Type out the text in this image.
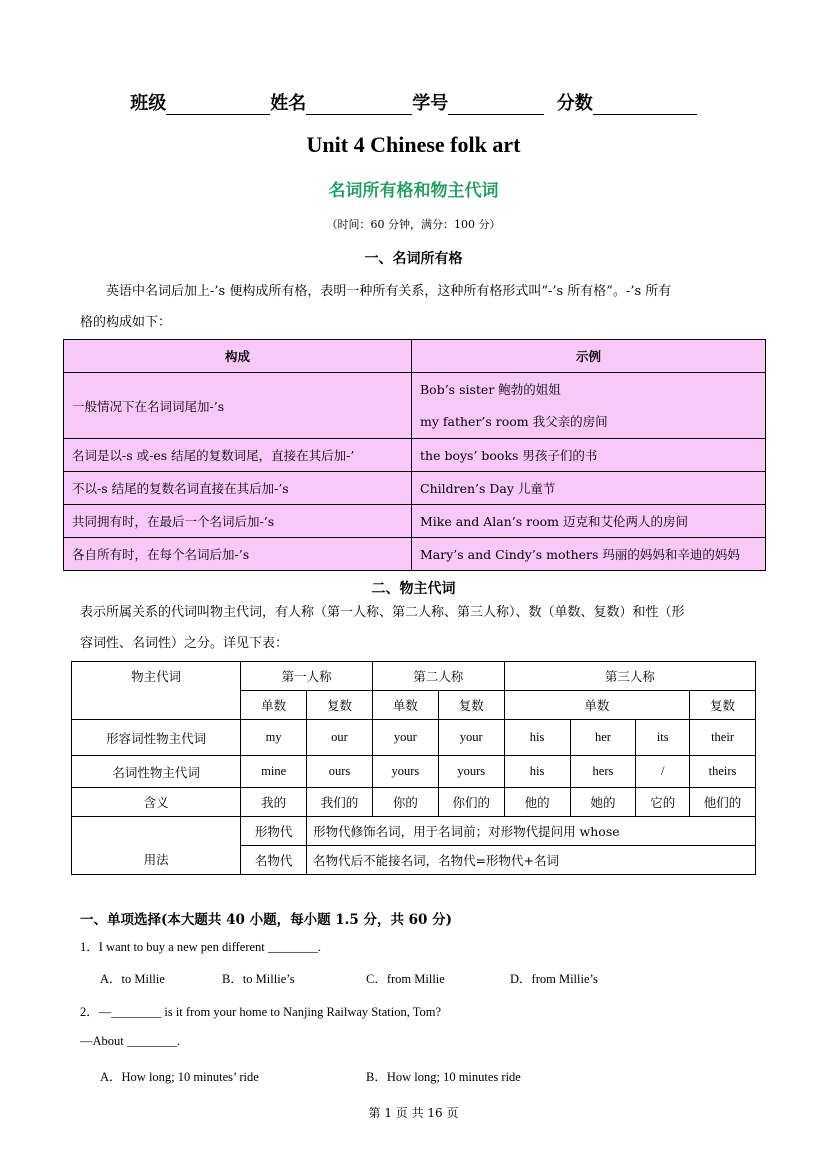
班级	姓名	学号	分数
Unit 4 Chinese folk art
名词所有格和物主代词
（时间：60 分钟，满分：100 分）
一、名词所有格
英语中名词后加上-’s 便构成所有格，表明一种所有关系，这种所有格形式叫”-’s 所有格”。-’s 所有
格的构成如下：
构成	示例
一般情况下在名词词尾加-’s	Bob’s sister 鲍勃的姐姐
my father’s room 我父亲的房间

名词是以-s 或-es 结尾的复数词尾，直接在其后加-’	the boys’ books 男孩子们的书
不以-s 结尾的复数名词直接在其后加-’s	Children’s Day 儿童节
共同拥有时，在最后一个名词后加-’s	Mike and Alan’s room 迈克和艾伦两人的房间
各自所有时，在每个名词后加-’s	Mary’s and Cindy’s mothers 玛丽的妈妈和辛迪的妈妈
二、物主代词
表示所属关系的代词叫物主代词，有人称（第一人称、第二人称、第三人称）、数（单数、复数）和性（形
容词性、名词性）之分。详见下表：
物主代词	第一人称		第二人称		第三人称			
	单数	复数	单数	复数	单数			复数
形容词性物主代词	my	our	your	your	his	her	its	their
名词性物主代词	mine	ours	yours	yours	his	hers	/	theirs
含义	我的	我们的	你的	你们的	他的	她的	它的	他们的
用法	形物代	形物代修饰名词，用于名词前；对形物代提问用 whose						
	名物代	名物代后不能接名词，名物代=形物代+名词						
一、单项选择(本大题共 40 小题，每小题 1.5 分，共 60 分)
1．I want to buy a new pen different ________.
A．to Millie	B．to Millie’s	C．from Millie	D．from Millie’s
2．—________ is it from your home to Nanjing Railway Station, Tom?
—About ________.
A．How long; 10 minutes’ ride	B．How long; 10 minutes ride
第 1 页 共 16 页
